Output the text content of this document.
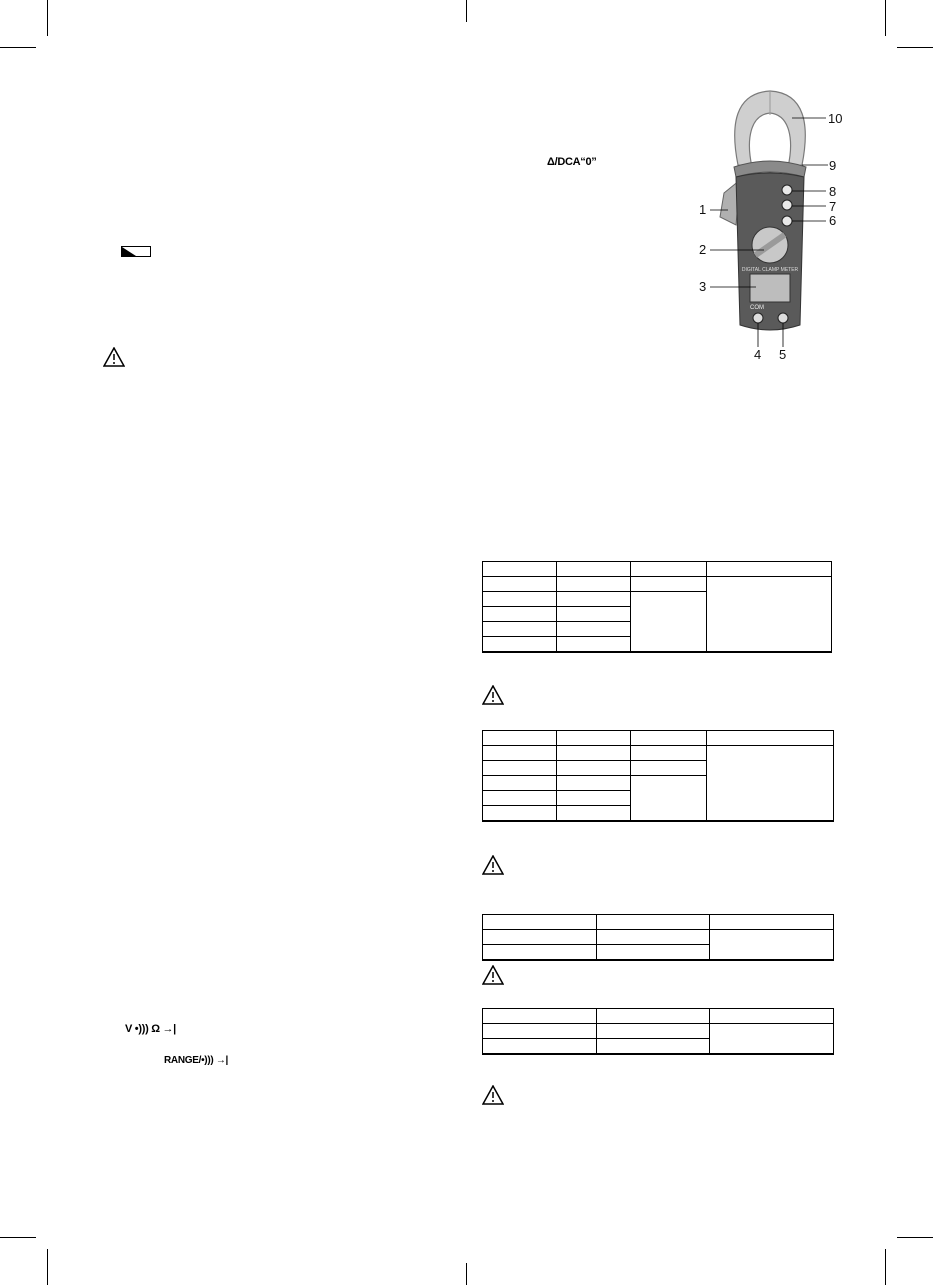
Δ/DCA“0”
V •))) Ω →|
RANGE/•))) →|
DIGITAL CLAMP METER
COM
10
9
8
7
6
1
2
3
4 5
